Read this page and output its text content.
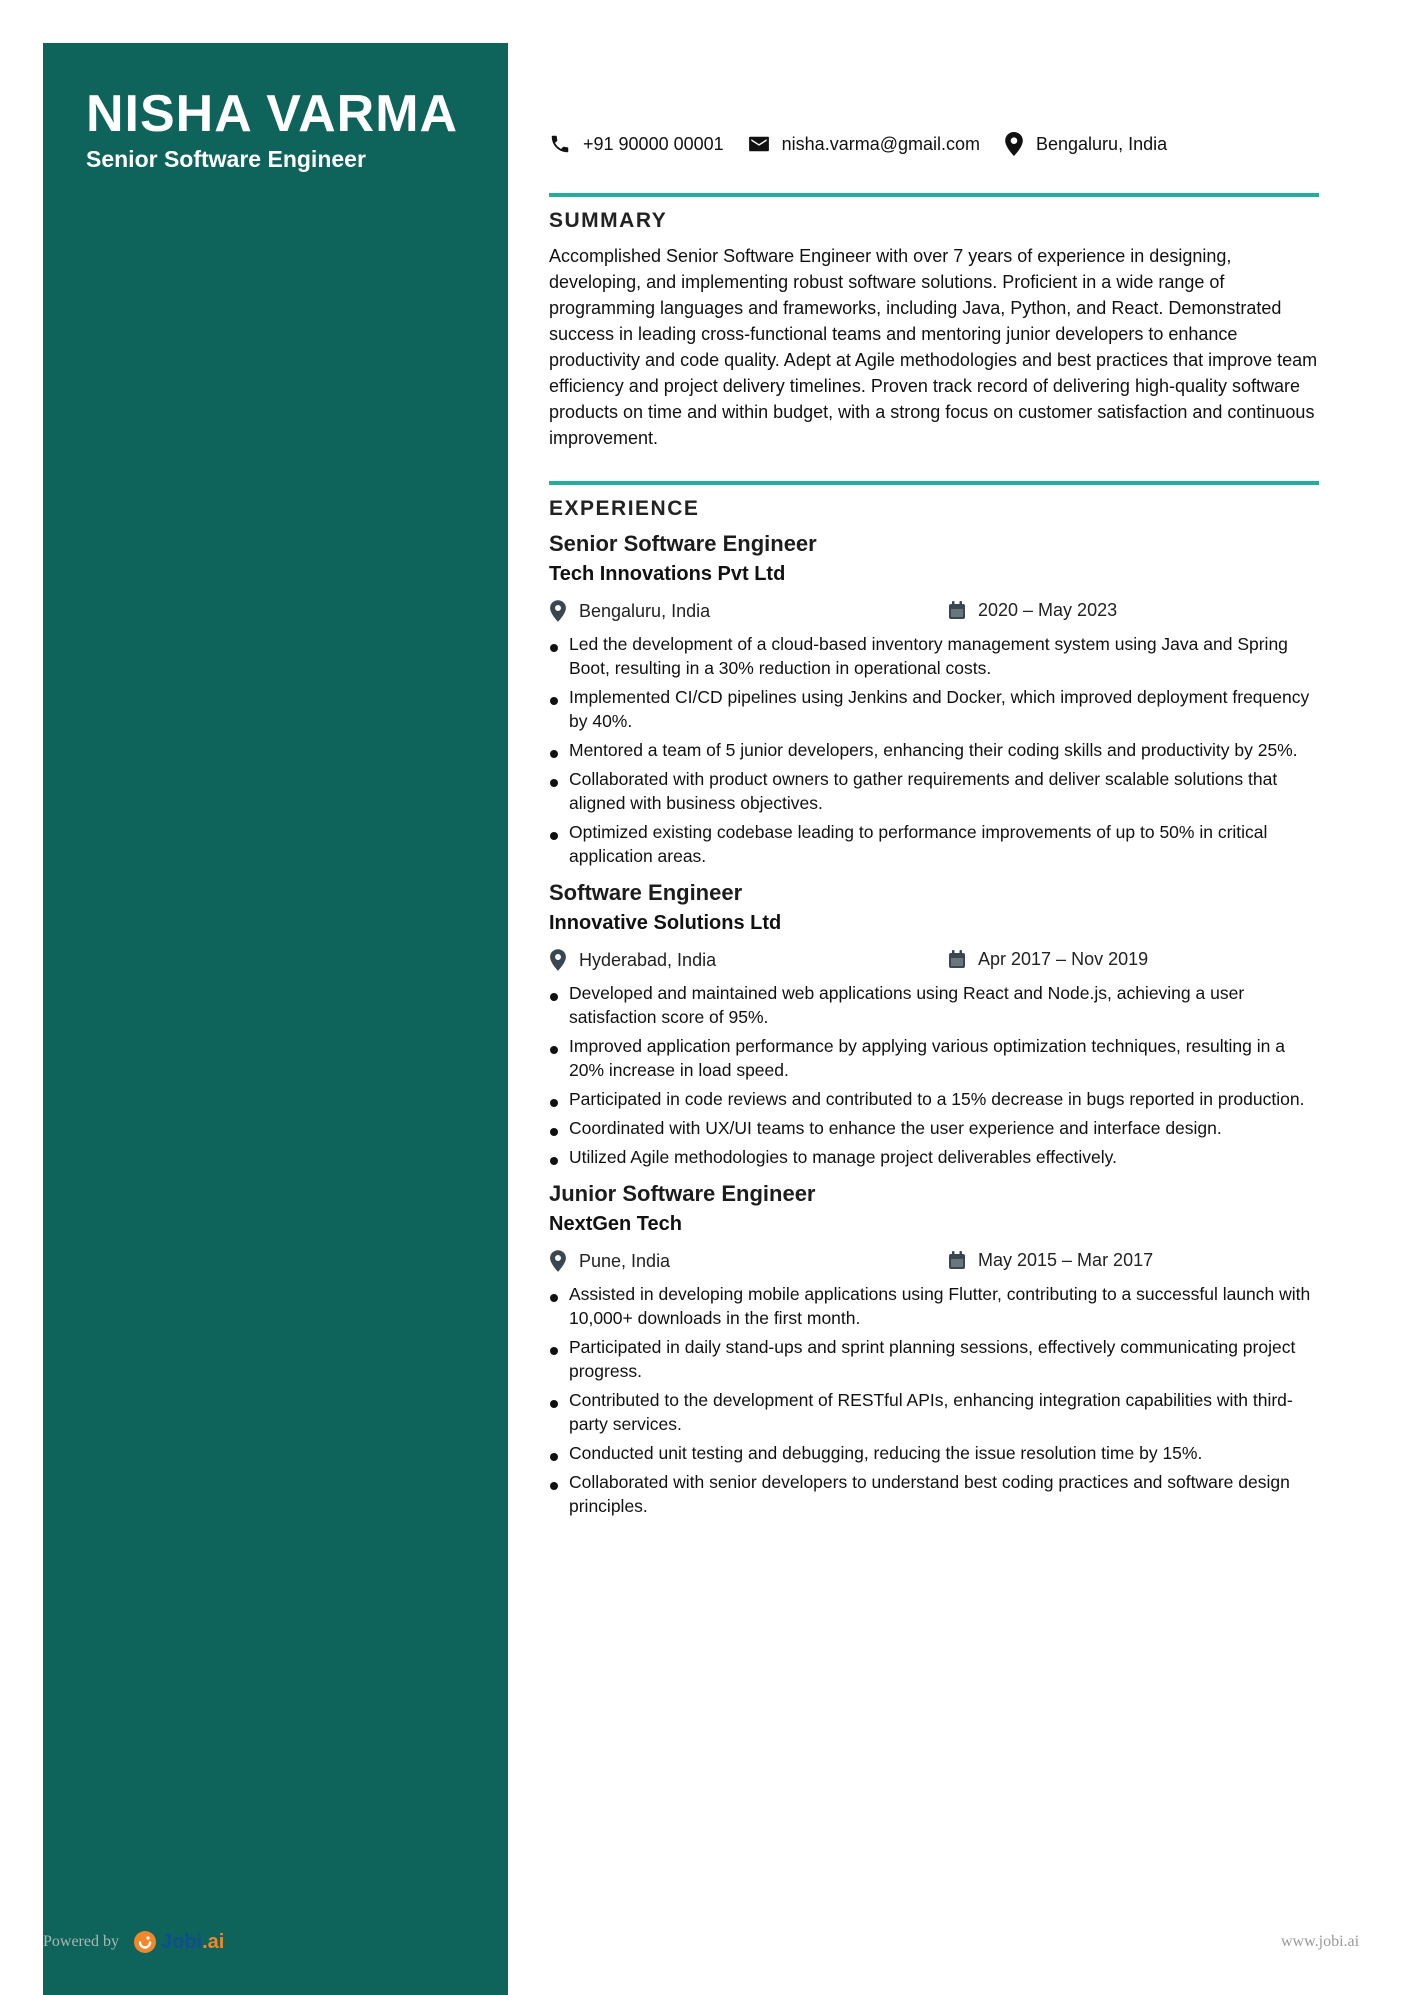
NISHA VARMA
Senior Software Engineer
+91 90000 00001	nisha.varma@gmail.com	Bengaluru, India
SUMMARY

Accomplished Senior Software Engineer with over 7 years of experience in designing, developing, and implementing robust software solutions. Proficient in a wide range of programming languages and frameworks, including Java, Python, and React. Demonstrated success in leading cross-functional teams and mentoring junior developers to enhance productivity and code quality. Adept at Agile methodologies and best practices that improve team efficiency and project delivery timelines. Proven track record of delivering high-quality software products on time and within budget, with a strong focus on customer satisfaction and continuous improvement.

EXPERIENCE
Senior Software Engineer
Tech Innovations Pvt Ltd
Bengaluru, India	2020 – May 2023
Led the development of a cloud-based inventory management system using Java and Spring Boot, resulting in a 30% reduction in operational costs.
Implemented CI/CD pipelines using Jenkins and Docker, which improved deployment frequency by 40%.
Mentored a team of 5 junior developers, enhancing their coding skills and productivity by 25%.
Collaborated with product owners to gather requirements and deliver scalable solutions that aligned with business objectives.
Optimized existing codebase leading to performance improvements of up to 50% in critical application areas.
Software Engineer
Innovative Solutions Ltd
Hyderabad, India	Apr 2017 – Nov 2019
Developed and maintained web applications using React and Node.js, achieving a user satisfaction score of 95%.
Improved application performance by applying various optimization techniques, resulting in a 20% increase in load speed.
Participated in code reviews and contributed to a 15% decrease in bugs reported in production.
Coordinated with UX/UI teams to enhance the user experience and interface design.
Utilized Agile methodologies to manage project deliverables effectively.
Junior Software Engineer
NextGen Tech
Pune, India	May 2015 – Mar 2017
Assisted in developing mobile applications using Flutter, contributing to a successful launch with 10,000+ downloads in the first month.
Participated in daily stand-ups and sprint planning sessions, effectively communicating project progress.
Contributed to the development of RESTful APIs, enhancing integration capabilities with third-party services.
Conducted unit testing and debugging, reducing the issue resolution time by 15%.
Collaborated with senior developers to understand best coding practices and software design principles.
Powered by Jobi .ai	www.jobi.ai
